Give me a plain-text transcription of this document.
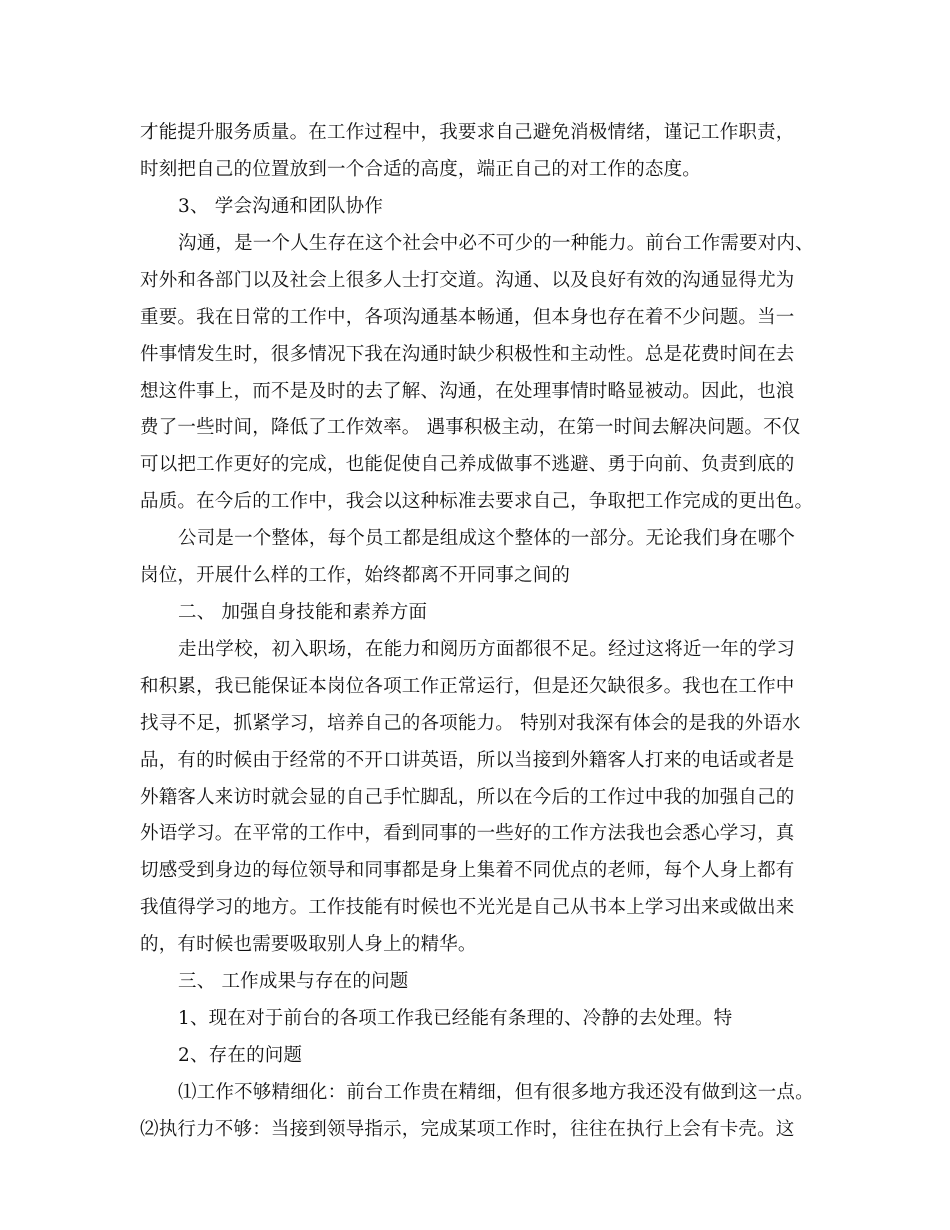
才能提升服务质量。在工作过程中，我要求自己避免消极情绪，谨记工作职责，
时刻把自己的位置放到一个合适的高度，端正自己的对工作的态度。
3、 学会沟通和团队协作
沟通，是一个人生存在这个社会中必不可少的一种能力。前台工作需要对内、
对外和各部门以及社会上很多人士打交道。沟通、以及良好有效的沟通显得尤为
重要。我在日常的工作中，各项沟通基本畅通，但本身也存在着不少问题。当一
件事情发生时，很多情况下我在沟通时缺少积极性和主动性。总是花费时间在去
想这件事上，而不是及时的去了解、沟通，在处理事情时略显被动。因此，也浪
费了一些时间，降低了工作效率。 遇事积极主动，在第一时间去解决问题。不仅
可以把工作更好的完成，也能促使自己养成做事不逃避、勇于向前、负责到底的
品质。在今后的工作中，我会以这种标准去要求自己，争取把工作完成的更出色。
公司是一个整体，每个员工都是组成这个整体的一部分。无论我们身在哪个
岗位，开展什么样的工作，始终都离不开同事之间的
二、 加强自身技能和素养方面
走出学校，初入职场，在能力和阅历方面都很不足。经过这将近一年的学习
和积累，我已能保证本岗位各项工作正常运行，但是还欠缺很多。我也在工作中
找寻不足，抓紧学习，培养自己的各项能力。 特别对我深有体会的是我的外语水
品，有的时候由于经常的不开口讲英语，所以当接到外籍客人打来的电话或者是
外籍客人来访时就会显的自己手忙脚乱，所以在今后的工作过中我的加强自己的
外语学习。在平常的工作中，看到同事的一些好的工作方法我也会悉心学习，真
切感受到身边的每位领导和同事都是身上集着不同优点的老师，每个人身上都有
我值得学习的地方。工作技能有时候也不光光是自己从书本上学习出来或做出来
的，有时候也需要吸取别人身上的精华。
三、 工作成果与存在的问题
1、现在对于前台的各项工作我已经能有条理的、冷静的去处理。特
2、存在的问题
⑴工作不够精细化：前台工作贵在精细，但有很多地方我还没有做到这一点。
⑵执行力不够：当接到领导指示，完成某项工作时，往往在执行上会有卡壳。这
